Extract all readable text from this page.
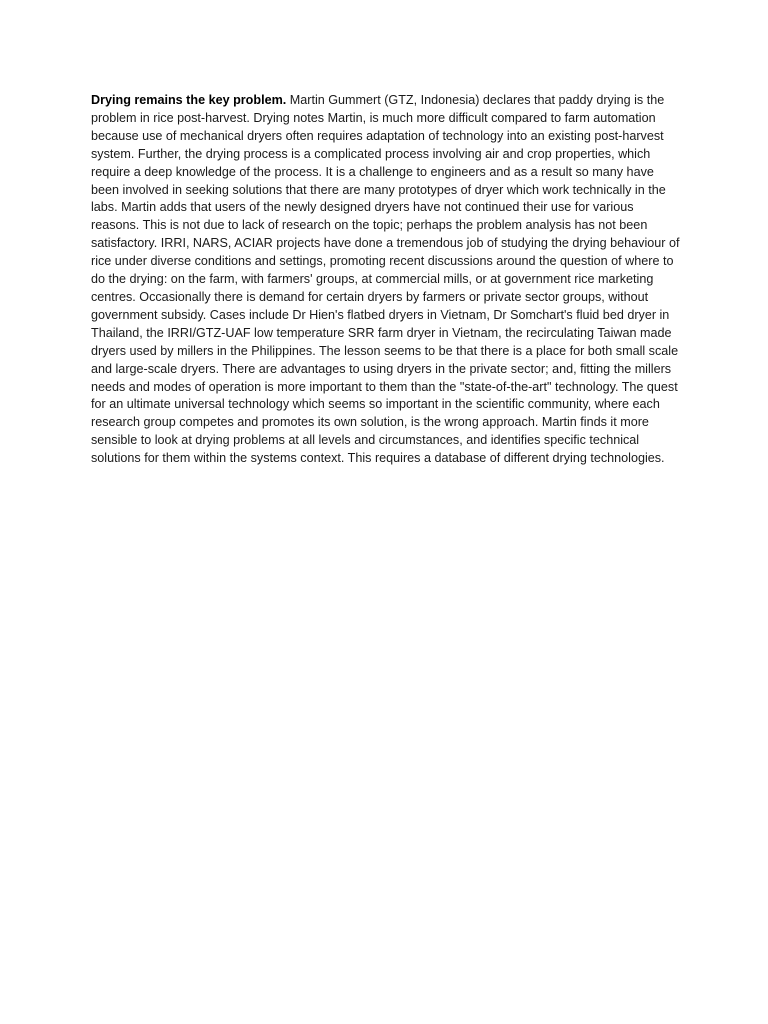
Drying remains the key problem. Martin Gummert (GTZ, Indonesia) declares that paddy drying is the problem in rice post-harvest. Drying notes Martin, is much more difficult compared to farm automation because use of mechanical dryers often requires adaptation of technology into an existing post-harvest system. Further, the drying process is a complicated process involving air and crop properties, which require a deep knowledge of the process. It is a challenge to engineers and as a result so many have been involved in seeking solutions that there are many prototypes of dryer which work technically in the labs. Martin adds that users of the newly designed dryers have not continued their use for various reasons. This is not due to lack of research on the topic; perhaps the problem analysis has not been satisfactory. IRRI, NARS, ACIAR projects have done a tremendous job of studying the drying behaviour of rice under diverse conditions and settings, promoting recent discussions around the question of where to do the drying: on the farm, with farmers' groups, at commercial mills, or at government rice marketing centres. Occasionally there is demand for certain dryers by farmers or private sector groups, without government subsidy. Cases include Dr Hien's flatbed dryers in Vietnam, Dr Somchart's fluid bed dryer in Thailand, the IRRI/GTZ-UAF low temperature SRR farm dryer in Vietnam, the recirculating Taiwan made dryers used by millers in the Philippines. The lesson seems to be that there is a place for both small scale and large-scale dryers. There are advantages to using dryers in the private sector; and, fitting the millers needs and modes of operation is more important to them than the "state-of-the-art" technology. The quest for an ultimate universal technology which seems so important in the scientific community, where each research group competes and promotes its own solution, is the wrong approach. Martin finds it more sensible to look at drying problems at all levels and circumstances, and identifies specific technical solutions for them within the systems context. This requires a database of different drying technologies.
